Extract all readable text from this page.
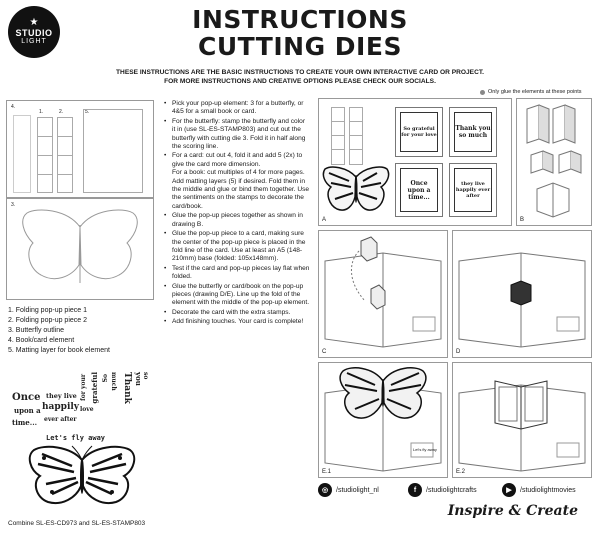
★
STUDIO
LIGHT
INSTRUCTIONS
CUTTING DIES
THESE INSTRUCTIONS ARE THE BASIC INSTRUCTIONS TO CREATE YOUR OWN INTERACTIVE CARD OR PROJECT.
FOR MORE INSTRUCTIONS AND CREATIVE OPTIONS PLEASE CHECK OUR SOCIALS.
Only glue the elements at these points
4.
1.	2.	5.
3.
1. Folding pop-up piece 1
2. Folding pop-up piece 2
3. Butterfly outline
4. Book/card element
5. Matting layer for book element
Once
upon a
time...
they live
happily
ever after
So
grateful
for your
love
Thank you so
much
Let's fly away
• Pick your pop-up element: 3 for a butterfly, or 4&5 for a small book or card.
• For the butterfly: stamp the butterfly and color it in (use SL-ES-STAMP803) and cut out the butterfly with cutting die 3. Fold it in half along the scoring line.
• For a card: cut out 4, fold it and add 5 (2x) to give the card more dimension.
For a book: cut multiples of 4 for more pages. Add matting layers (5) if desired. Fold them in the middle and glue or bind them together. Use the sentiments on the stamps to decorate the card/book.
• Glue the pop-up pieces together as shown in drawing B.
• Glue the pop-up piece to a card, making sure the center of the pop-up piece is placed in the fold line of the card. Use at least an A5 (148-210mm) base (folded: 105x148mm).
• Test if the card and pop-up pieces lay flat when folded.
• Glue the butterfly or card/book on the pop-up pieces (drawing D/E). Line up the fold of the element with the middle of the pop-up element.
• Decorate the card with the extra stamps.
• Add finishing touches. Your card is complete!
So grateful for your love
Thank you so much
Once upon a time...
they live happily ever after
A	B
C	D
Let's fly away
E.1	E.2
◎	/studiolight_nl	f	/studiolightcrafts	▶	/studiolightmovies
Inspire & Create
Combine SL-ES-CD973 and SL-ES-STAMP803
